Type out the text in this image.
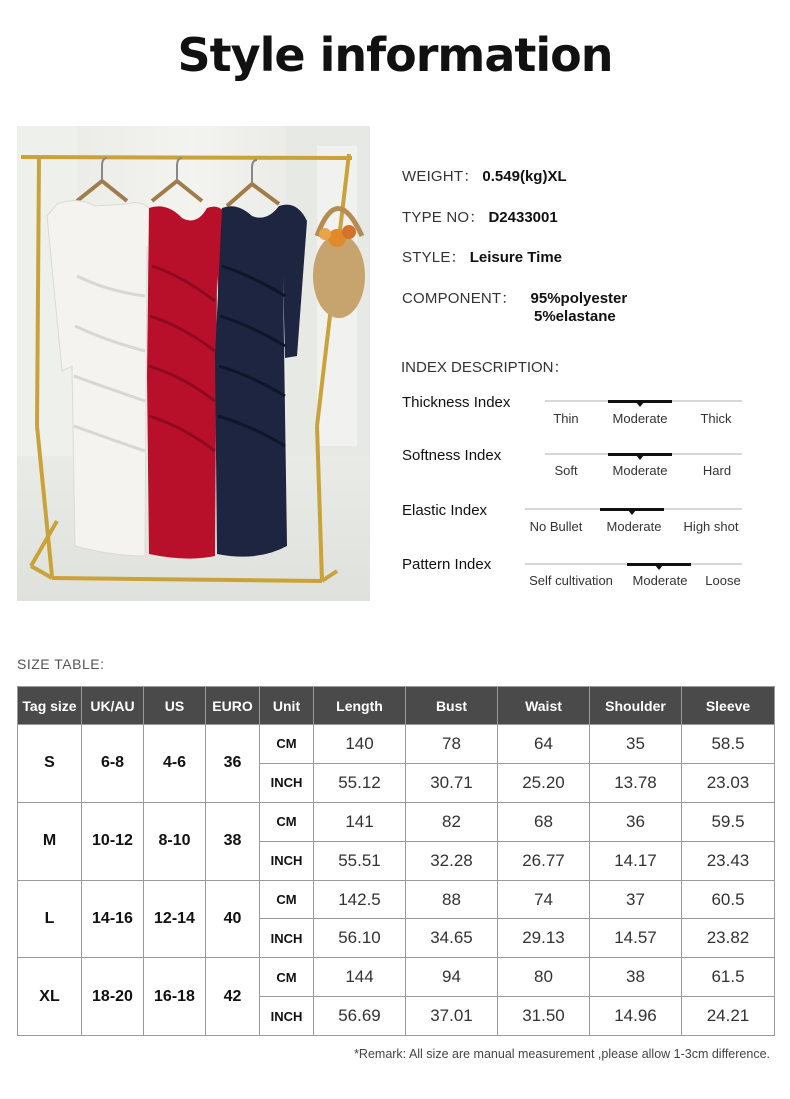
Style information
WEIGHT： 0.549(kg)XL
TYPE NO： D2433001
STYLE： Leisure Time
COMPONENT： 95%polyester
5%elastane
INDEX DESCRIPTION：
Thickness Index
Thin	Moderate	Thick
Softness Index
Soft	Moderate	Hard
Elastic Index
No Bullet Moderate High shot
Pattern Index
Self cultivation Moderate Loose
SIZE TABLE:
Tag size	UK/AU	US	EURO	Unit	Length	Bust	Waist	Shoulder	Sleeve
S	6-8	4-6	36	CM	140	78	64	35	58.5
				INCH	55.12	30.71	25.20	13.78	23.03
M	10-12	8-10	38	CM	141	82	68	36	59.5
				INCH	55.51	32.28	26.77	14.17	23.43
L	14-16	12-14	40	CM	142.5	88	74	37	60.5
				INCH	56.10	34.65	29.13	14.57	23.82
XL	18-20	16-18	42	CM	144	94	80	38	61.5
				INCH	56.69	37.01	31.50	14.96	24.21
*Remark: All size are manual measurement ,please allow 1-3cm difference.
